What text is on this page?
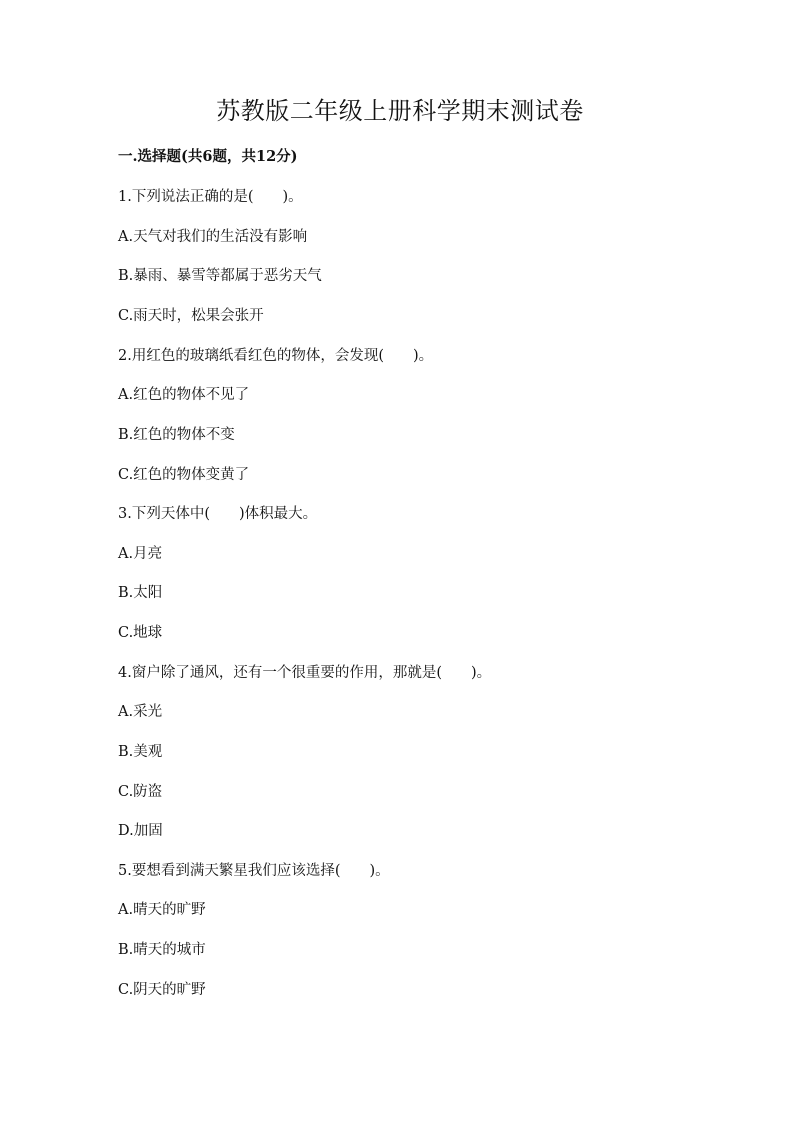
苏教版二年级上册科学期末测试卷
一.选择题(共6题，共12分)
1.下列说法正确的是(　　)。
A.天气对我们的生活没有影响
B.暴雨、暴雪等都属于恶劣天气
C.雨天时，松果会张开
2.用红色的玻璃纸看红色的物体，会发现(　　)。
A.红色的物体不见了
B.红色的物体不变
C.红色的物体变黄了
3.下列天体中(　　)体积最大。
A.月亮
B.太阳
C.地球
4.窗户除了通风，还有一个很重要的作用，那就是(　　)。
A.采光
B.美观
C.防盗
D.加固
5.要想看到满天繁星我们应该选择(　　)。
A.晴天的旷野
B.晴天的城市
C.阴天的旷野
